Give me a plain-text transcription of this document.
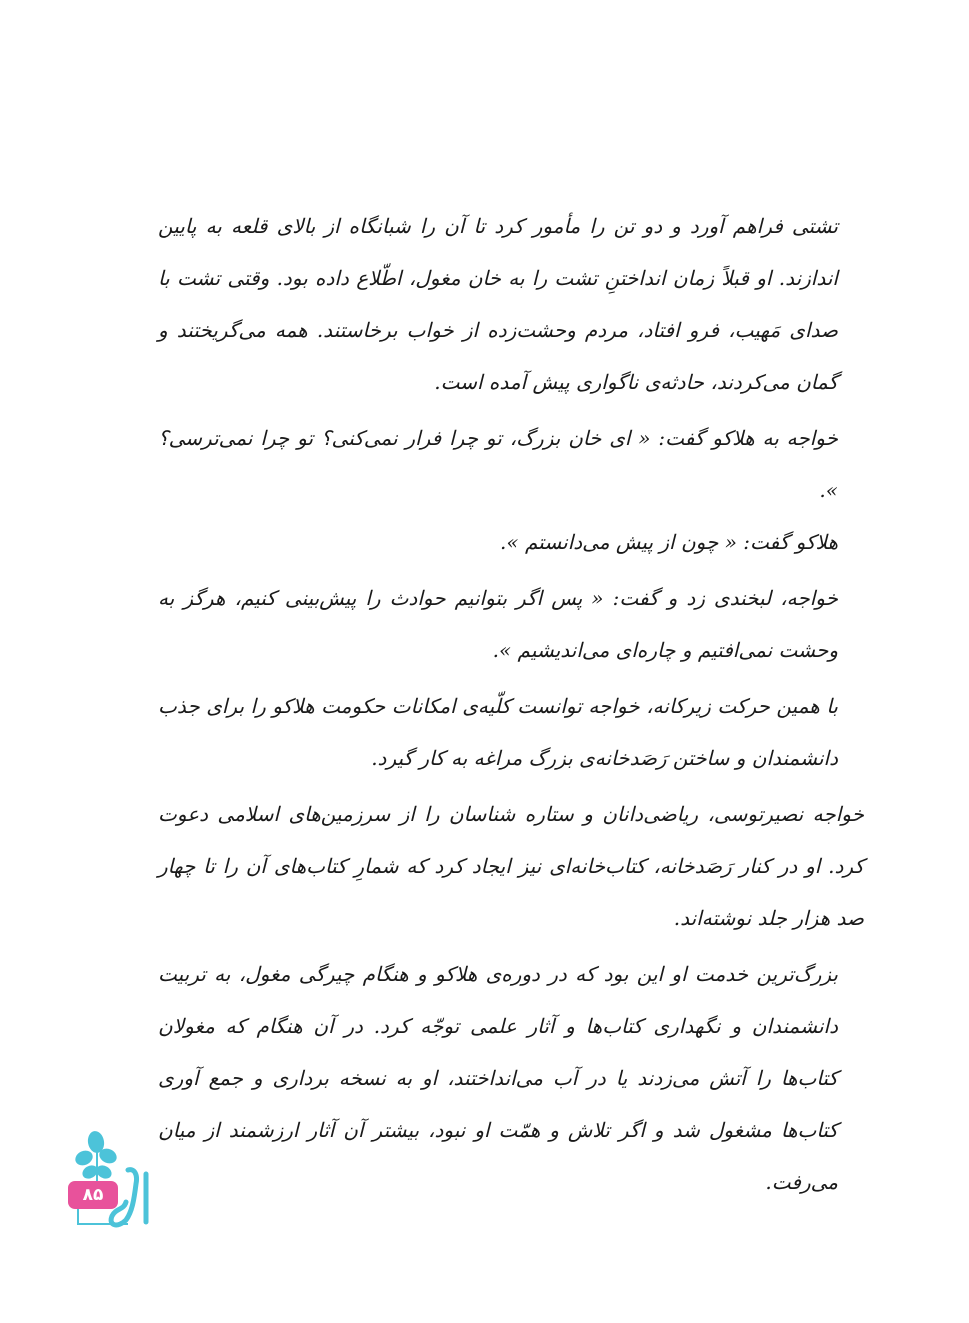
تشتی فراهم آورد و دو تن را مأمور کرد تا آن را شبانگاه از بالای قلعه به پایین اندازند. او قبلاً زمان انداختنِ تشت را به خان مغول، اطّلاع داده بود. وقتی تشت با صدای مَهیب، فرو افتاد، مردم وحشت‌زده از خواب برخاستند. همه می‌گریختند و گمان می‌کردند، حادثه‌ی ناگواری پیش آمده است.

خواجه به هلاکو گفت: « ای خان بزرگ، تو چرا فرار نمی‌کنی؟ تو چرا نمی‌ترسی؟ ».

هلاکو گفت: « چون از پیش می‌دانستم ».

خواجه، لبخندی زد و گفت: « پس اگر بتوانیم حوادث را پیش‌بینی کنیم، هرگز به وحشت نمی‌افتیم و چاره‌ای می‌اندیشیم ».

با همین حرکت زیرکانه، خواجه توانست کلّیه‌ی امکانات حکومت هلاکو را برای جذب دانشمندان و ساختن رَصَدخانه‌ی بزرگ مراغه به کار گیرد.

خواجه نصیرتوسی، ریاضی‌دانان و ستاره شناسان را از سرزمین‌های اسلامی دعوت کرد. او در کنار رَصَدخانه، کتاب‌خانه‌ای نیز ایجاد کرد که شمارِ کتاب‌های آن را تا چهار صد هزار جلد نوشته‌اند.

بزرگ‌ترین خدمت او این بود که در دوره‌ی هلاکو و هنگام چیرگی مغول، به تربیت دانشمندان و نگهداری کتاب‌ها و آثار علمی توجّه کرد. در آن هنگام که مغولان کتاب‌ها را آتش می‌زدند یا در آب می‌انداختند، او به نسخه برداری و جمع آوری کتاب‌ها مشغول شد و اگر تلاش و همّت او نبود، بیشتر آن آثار ارزشمند از میان می‌رفت.

۸۵
